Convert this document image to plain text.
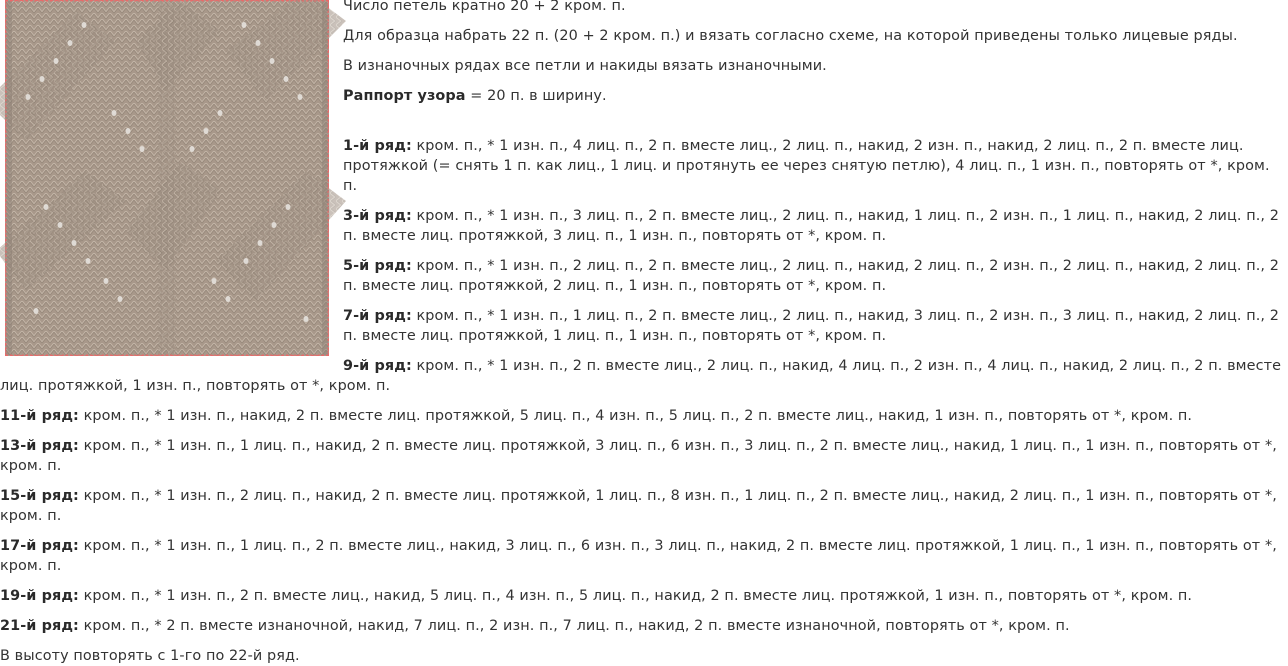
Число петель кратно 20 + 2 кром. п.

Для образца набрать 22 п. (20 + 2 кром. п.) и вязать согласно схеме, на которой приведены только лицевые ряды.

В изнаночных рядах все петли и накиды вязать изнаночными.

Раппорт узора = 20 п. в ширину.

1-й ряд: кром. п., * 1 изн. п., 4 лиц. п., 2 п. вместе лиц., 2 лиц. п., накид, 2 изн. п., накид, 2 лиц. п., 2 п. вместе лиц. протяжкой (= снять 1 п. как лиц., 1 лиц. и протянуть ее через снятую петлю), 4 лиц. п., 1 изн. п., повторять от *, кром. п.

3-й ряд: кром. п., * 1 изн. п., 3 лиц. п., 2 п. вместе лиц., 2 лиц. п., накид, 1 лиц. п., 2 изн. п., 1 лиц. п., накид, 2 лиц. п., 2 п. вместе лиц. протяжкой, 3 лиц. п., 1 изн. п., повторять от *, кром. п.

5-й ряд: кром. п., * 1 изн. п., 2 лиц. п., 2 п. вместе лиц., 2 лиц. п., накид, 2 лиц. п., 2 изн. п., 2 лиц. п., накид, 2 лиц. п., 2 п. вместе лиц. протяжкой, 2 лиц. п., 1 изн. п., повторять от *, кром. п.

7-й ряд: кром. п., * 1 изн. п., 1 лиц. п., 2 п. вместе лиц., 2 лиц. п., накид, 3 лиц. п., 2 изн. п., 3 лиц. п., накид, 2 лиц. п., 2 п. вместе лиц. протяжкой, 1 лиц. п., 1 изн. п., повторять от *, кром. п.

9-й ряд: кром. п., * 1 изн. п., 2 п. вместе лиц., 2 лиц. п., накид, 4 лиц. п., 2 изн. п., 4 лиц. п., накид, 2 лиц. п., 2 п. вместе лиц. протяжкой, 1 изн. п., повторять от *, кром. п.

11-й ряд: кром. п., * 1 изн. п., накид, 2 п. вместе лиц. протяжкой, 5 лиц. п., 4 изн. п., 5 лиц. п., 2 п. вместе лиц., накид, 1 изн. п., повторять от *, кром. п.

13-й ряд: кром. п., * 1 изн. п., 1 лиц. п., накид, 2 п. вместе лиц. протяжкой, 3 лиц. п., 6 изн. п., 3 лиц. п., 2 п. вместе лиц., накид, 1 лиц. п., 1 изн. п., повторять от *, кром. п.

15-й ряд: кром. п., * 1 изн. п., 2 лиц. п., накид, 2 п. вместе лиц. протяжкой, 1 лиц. п., 8 изн. п., 1 лиц. п., 2 п. вместе лиц., накид, 2 лиц. п., 1 изн. п., повторять от *, кром. п.

17-й ряд: кром. п., * 1 изн. п., 1 лиц. п., 2 п. вместе лиц., накид, 3 лиц. п., 6 изн. п., 3 лиц. п., накид, 2 п. вместе лиц. протяжкой, 1 лиц. п., 1 изн. п., повторять от *, кром. п.

19-й ряд: кром. п., * 1 изн. п., 2 п. вместе лиц., накид, 5 лиц. п., 4 изн. п., 5 лиц. п., накид, 2 п. вместе лиц. протяжкой, 1 изн. п., повторять от *, кром. п.

21-й ряд: кром. п., * 2 п. вместе изнаночной, накид, 7 лиц. п., 2 изн. п., 7 лиц. п., накид, 2 п. вместе изнаночной, повторять от *, кром. п.

В высоту повторять с 1-го по 22-й ряд.
